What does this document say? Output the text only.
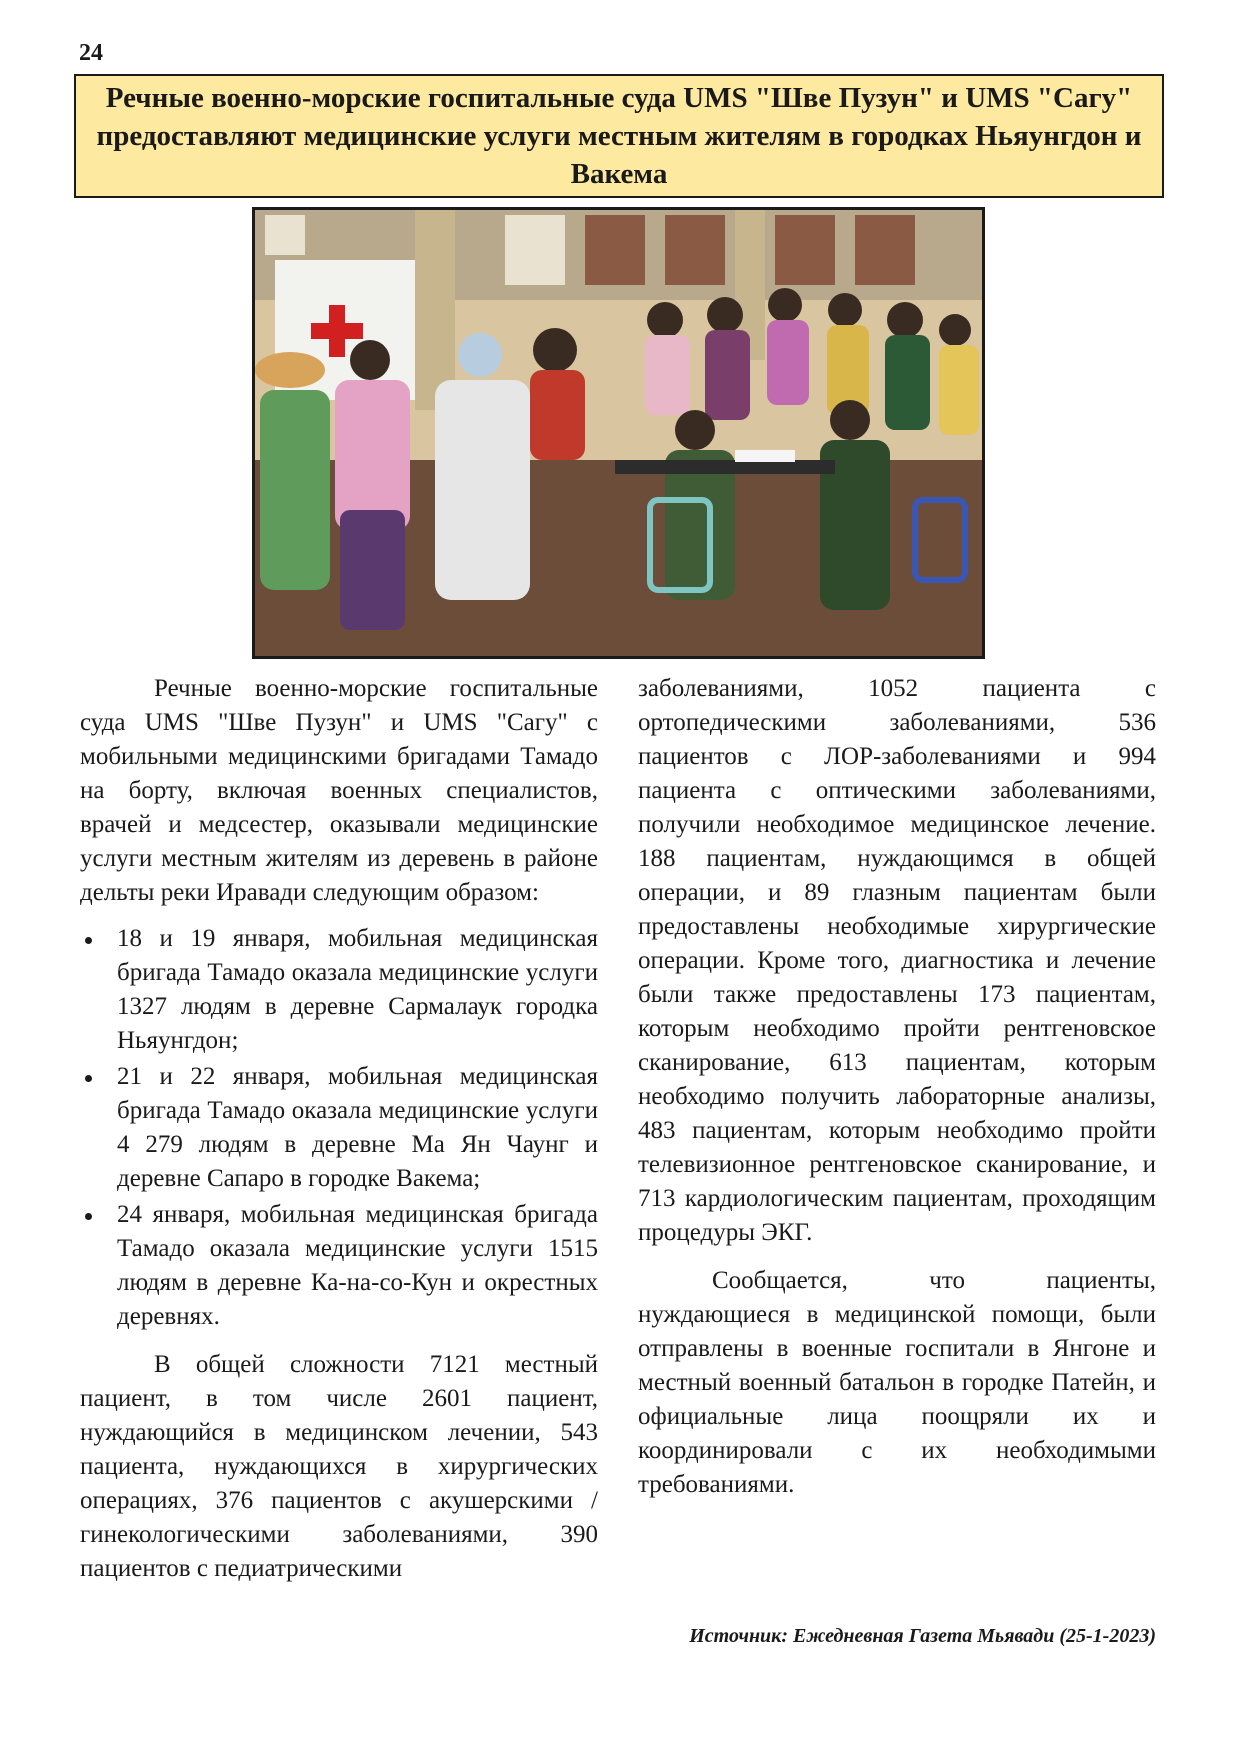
24
Речные военно-морские госпитальные суда UMS "Шве Пузун" и UMS "Сагу" предоставляют медицинские услуги местным жителям в городках Ньяунгдон и Вакема

Речные военно-морские госпитальные суда UMS "Шве Пузун" и UMS "Сагу" с мобильными медицинскими бригадами Тамадо на борту, включая военных специалистов, врачей и медсестер, оказывали медицинские услуги местным жителям из деревень в районе дельты реки Иравади следующим образом:

18 и 19 января, мобильная медицинская бригада Тамадо оказала медицинские услуги 1327 людям в деревне Сармалаук городка Ньяунгдон;
21 и 22 января, мобильная медицинская бригада Тамадо оказала медицинские услуги 4 279 людям в деревне Ма Ян Чаунг и деревне Сапаро в городке Вакема;
24 января, мобильная медицинская бригада Тамадо оказала медицинские услуги 1515 людям в деревне Ка-на-со-Кун и окрестных деревнях.

В общей сложности 7121 местный пациент, в том числе 2601 пациент, нуждающийся в медицинском лечении, 543 пациента, нуждающихся в хирургических операциях, 376 пациентов с акушерскими / гинекологическими заболеваниями, 390 пациентов с педиатрическими

заболеваниями, 1052 пациента с ортопедическими заболеваниями, 536 пациентов с ЛОР-заболеваниями и 994 пациента с оптическими заболеваниями, получили необходимое медицинское лечение. 188 пациентам, нуждающимся в общей операции, и 89 глазным пациентам были предоставлены необходимые хирургические операции. Кроме того, диагностика и лечение были также предоставлены 173 пациентам, которым необходимо пройти рентгеновское сканирование, 613 пациентам, которым необходимо получить лабораторные анализы, 483 пациентам, которым необходимо пройти телевизионное рентгеновское сканирование, и 713 кардиологическим пациентам, проходящим процедуры ЭКГ.

Сообщается, что пациенты, нуждающиеся в медицинской помощи, были отправлены в военные госпитали в Янгоне и местный военный батальон в городке Патейн, и официальные лица поощряли их и координировали с их необходимыми требованиями.

Источник: Ежедневная Газета Мьявади (25-1-2023)
